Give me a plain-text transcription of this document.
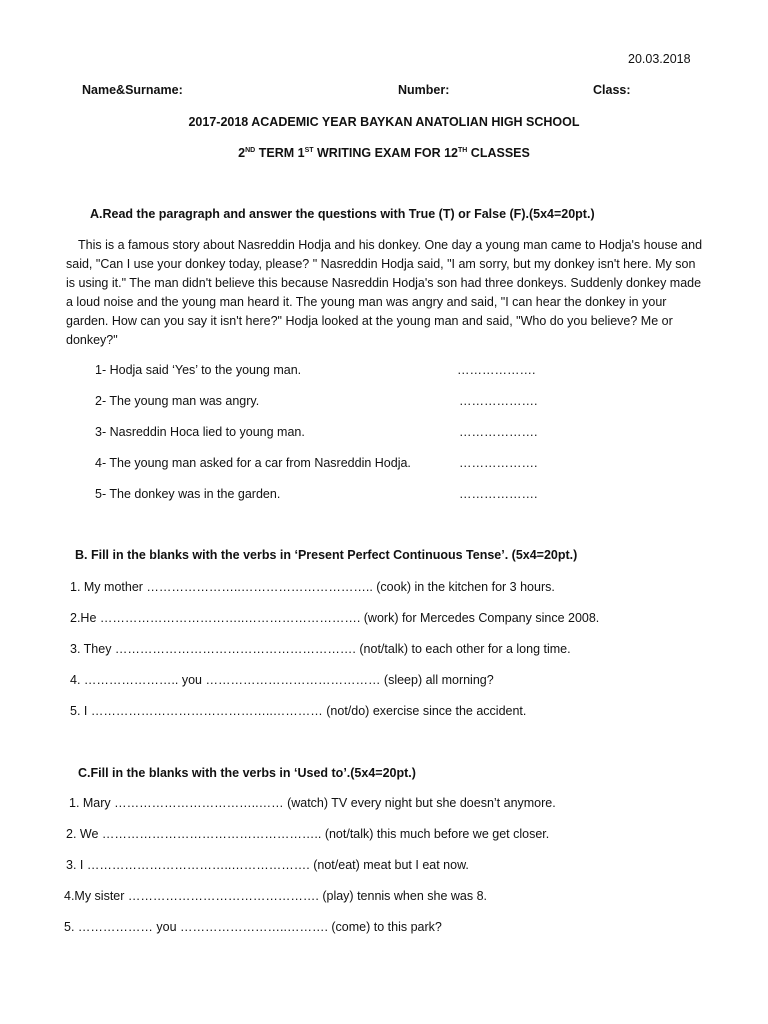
20.03.2018
Name&Surname:	Number:	Class:
2017-2018 ACADEMIC YEAR BAYKAN ANATOLIAN HIGH SCHOOL
2ND TERM 1ST WRITING EXAM FOR 12TH CLASSES
A.Read the paragraph and answer the questions with True (T) or False (F).(5x4=20pt.)
This is a famous story about Nasreddin Hodja and his donkey. One day a young man came to Hodja's house and said, "Can I use your donkey today, please? " Nasreddin Hodja said, "I am sorry, but my donkey isn't here. My son is using it." The man didn't believe this because Nasreddin Hodja's son had three donkeys. Suddenly donkey made a loud noise and the young man heard it. The young man was angry and said, "I can hear the donkey in your garden. How can you say it isn't here?" Hodja looked at the young man and said, "Who do you believe? Me or donkey?"
1- Hodja said ‘Yes’ to the young man.	……………….
2- The young man was angry.	……………….
3- Nasreddin Hoca lied to young man.	……………….
4- The young man asked for a car from Nasreddin Hodja.	……………….
5- The donkey was in the garden.	……………….
B. Fill in the blanks with the verbs in ‘Present Perfect Continuous Tense’. (5x4=20pt.)
1. My mother …………………..………………………….. (cook) in the kitchen for 3 hours.
2.He ……………………………..………………………. (work) for Mercedes Company since 2008.
3. They …………………………………………………. (not/talk) to each other for a long time.
4. ………………….. you …………………………………… (sleep) all morning?
5. I ……………………………………..………… (not/do) exercise since the accident.
C.Fill in the blanks with the verbs in ‘Used to’.(5x4=20pt.)
1. Mary ……………………………..…… (watch) TV every night but she doesn’t anymore.
2. We …………………………………………….. (not/talk) this much before we get closer.
3. I ……………………………..………………. (not/eat) meat but I eat now.
4.My sister ………………………………………. (play) tennis when she was 8.
5. ……………… you ……………………..………. (come) to this park?
